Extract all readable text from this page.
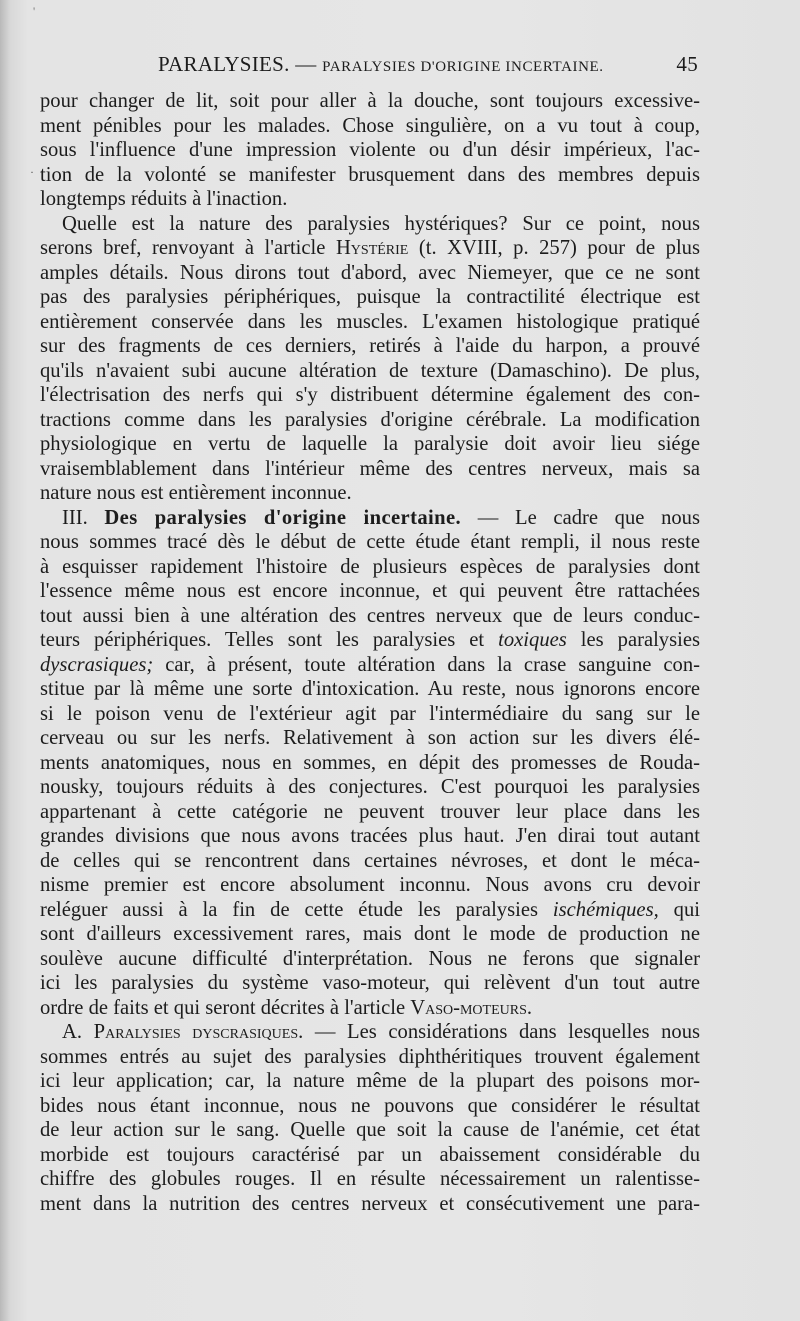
'
·
PARALYSIES. — PARALYSIES D'ORIGINE INCERTAINE.	45
pour changer de lit, soit pour aller à la douche, sont toujours excessive-
ment pénibles pour les malades. Chose singulière, on a vu tout à coup,
sous l'influence d'une impression violente ou d'un désir impérieux, l'ac-
tion de la volonté se manifester brusquement dans des membres depuis
longtemps réduits à l'inaction.
Quelle est la nature des paralysies hystériques? Sur ce point, nous
serons bref, renvoyant à l'article Hystérie (t. XVIII, p. 257) pour de plus
amples détails. Nous dirons tout d'abord, avec Niemeyer, que ce ne sont
pas des paralysies périphériques, puisque la contractilité électrique est
entièrement conservée dans les muscles. L'examen histologique pratiqué
sur des fragments de ces derniers, retirés à l'aide du harpon, a prouvé
qu'ils n'avaient subi aucune altération de texture (Damaschino). De plus,
l'électrisation des nerfs qui s'y distribuent détermine également des con-
tractions comme dans les paralysies d'origine cérébrale. La modification
physiologique en vertu de laquelle la paralysie doit avoir lieu siége
vraisemblablement dans l'intérieur même des centres nerveux, mais sa
nature nous est entièrement inconnue.
III. Des paralysies d'origine incertaine. — Le cadre que nous
nous sommes tracé dès le début de cette étude étant rempli, il nous reste
à esquisser rapidement l'histoire de plusieurs espèces de paralysies dont
l'essence même nous est encore inconnue, et qui peuvent être rattachées
tout aussi bien à une altération des centres nerveux que de leurs conduc-
teurs périphériques. Telles sont les paralysies et toxiques les paralysies
dyscrasiques; car, à présent, toute altération dans la crase sanguine con-
stitue par là même une sorte d'intoxication. Au reste, nous ignorons encore
si le poison venu de l'extérieur agit par l'intermédiaire du sang sur le
cerveau ou sur les nerfs. Relativement à son action sur les divers élé-
ments anatomiques, nous en sommes, en dépit des promesses de Rouda-
nousky, toujours réduits à des conjectures. C'est pourquoi les paralysies
appartenant à cette catégorie ne peuvent trouver leur place dans les
grandes divisions que nous avons tracées plus haut. J'en dirai tout autant
de celles qui se rencontrent dans certaines névroses, et dont le méca-
nisme premier est encore absolument inconnu. Nous avons cru devoir
reléguer aussi à la fin de cette étude les paralysies ischémiques, qui
sont d'ailleurs excessivement rares, mais dont le mode de production ne
soulève aucune difficulté d'interprétation. Nous ne ferons que signaler
ici les paralysies du système vaso-moteur, qui relèvent d'un tout autre
ordre de faits et qui seront décrites à l'article Vaso-moteurs.
A. Paralysies dyscrasiques. — Les considérations dans lesquelles nous
sommes entrés au sujet des paralysies diphthéritiques trouvent également
ici leur application; car, la nature même de la plupart des poisons mor-
bides nous étant inconnue, nous ne pouvons que considérer le résultat
de leur action sur le sang. Quelle que soit la cause de l'anémie, cet état
morbide est toujours caractérisé par un abaissement considérable du
chiffre des globules rouges. Il en résulte nécessairement un ralentisse-
ment dans la nutrition des centres nerveux et consécutivement une para-
